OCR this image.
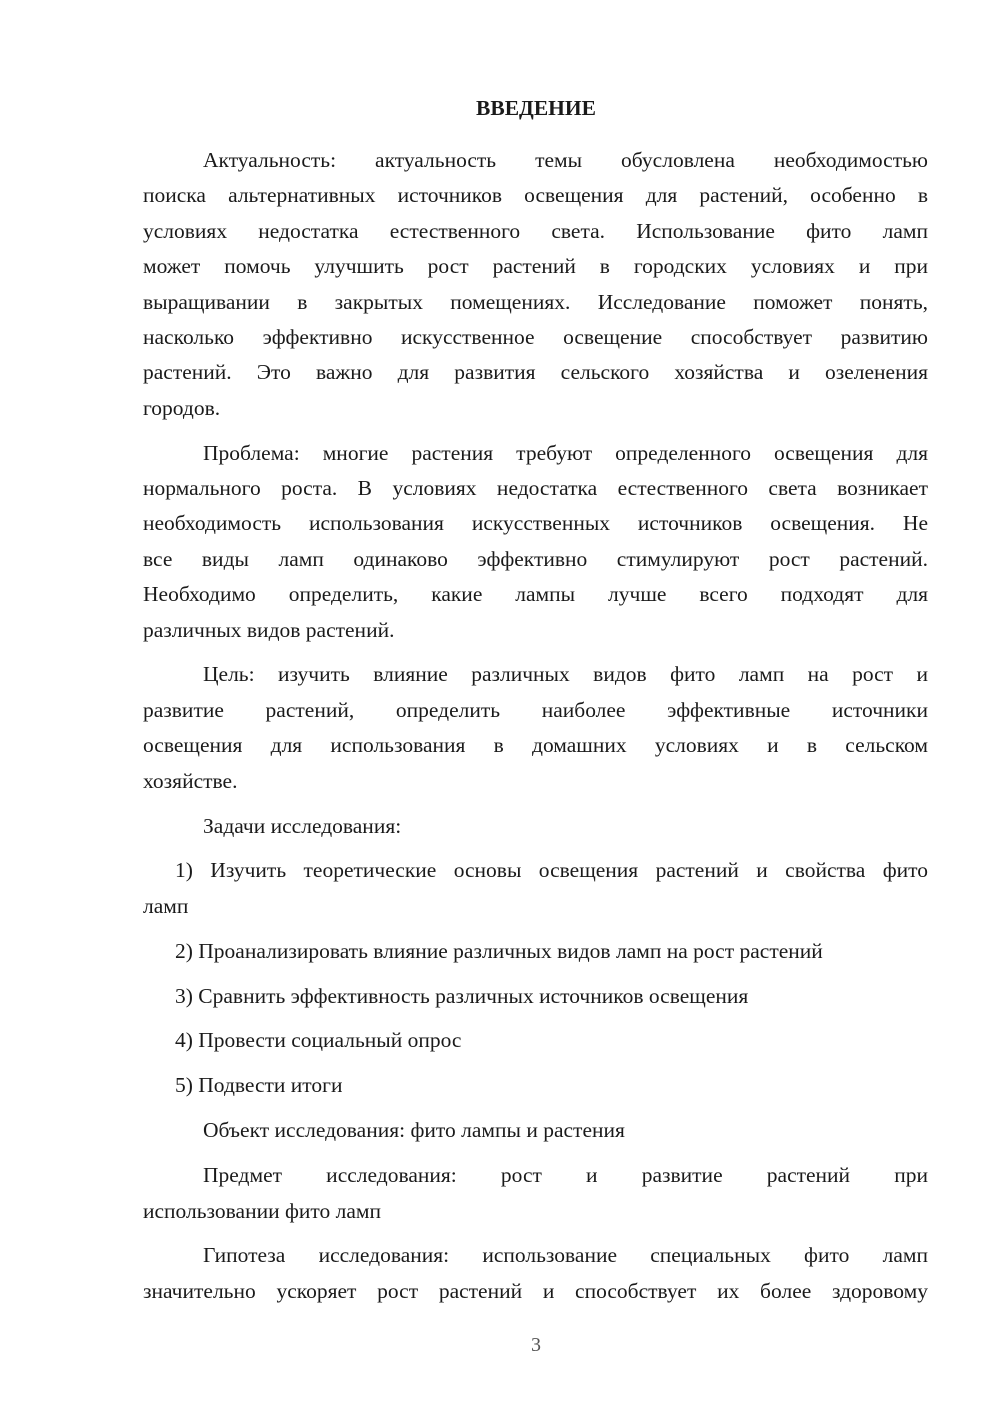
ВВЕДЕНИЕ
Актуальность: актуальность темы обусловлена необходимостью
поиска альтернативных источников освещения для растений, особенно в
условиях недостатка естественного света. Использование фито ламп
может помочь улучшить рост растений в городских условиях и при
выращивании в закрытых помещениях. Исследование поможет понять,
насколько эффективно искусственное освещение способствует развитию
растений. Это важно для развития сельского хозяйства и озеленения
городов.
Проблема: многие растения требуют определенного освещения для
нормального роста. В условиях недостатка естественного света возникает
необходимость использования искусственных источников освещения. Не
все виды ламп одинаково эффективно стимулируют рост растений.
Необходимо определить, какие лампы лучше всего подходят для
различных видов растений.
Цель: изучить влияние различных видов фито ламп на рост и
развитие растений, определить наиболее эффективные источники
освещения для использования в домашних условиях и в сельском
хозяйстве.
Задачи исследования:
1) Изучить теоретические основы освещения растений и свойства фито
ламп
2) Проанализировать влияние различных видов ламп на рост растений
3) Сравнить эффективность различных источников освещения
4) Провести социальный опрос
5) Подвести итоги
Объект исследования: фито лампы и растения
Предмет исследования: рост и развитие растений при
использовании фито ламп
Гипотеза исследования: использование специальных фито ламп
значительно ускоряет рост растений и способствует их более здоровому
3
